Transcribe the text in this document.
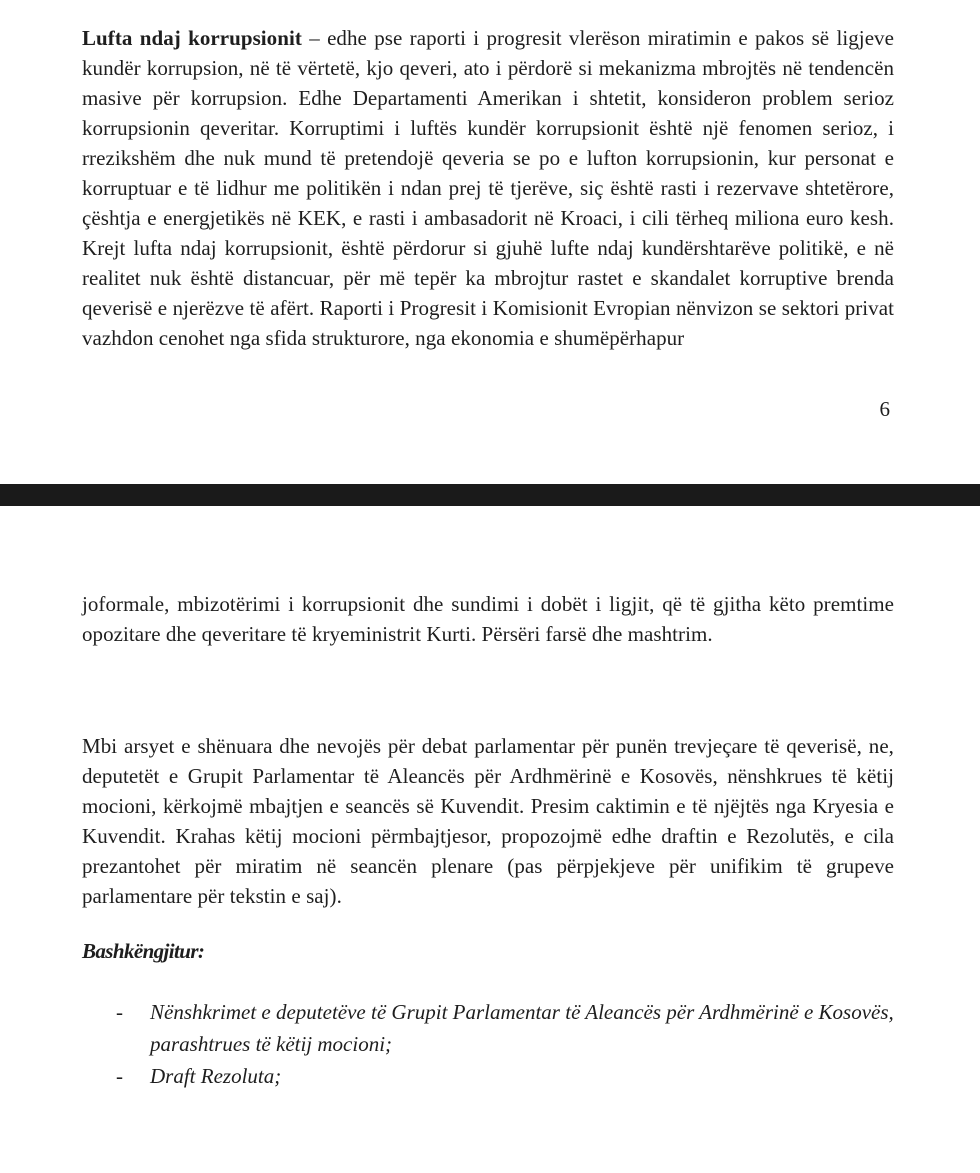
Lufta ndaj korrupsionit – edhe pse raporti i progresit vlerëson miratimin e pakos së ligjeve kundër korrupsion, në të vërtetë, kjo qeveri, ato i përdorë si mekanizma mbrojtës në tendencën masive për korrupsion. Edhe Departamenti Amerikan i shtetit, konsideron problem serioz korrupsionin qeveritar. Korruptimi i luftës kundër korrupsionit është një fenomen serioz, i rrezikshëm dhe nuk mund të pretendojë qeveria se po e lufton korrupsionin, kur personat e korruptuar e të lidhur me politikën i ndan prej të tjerëve, siç është rasti i rezervave shtetërore, çështja e energjetikës në KEK, e rasti i ambasadorit në Kroaci, i cili tërheq miliona euro kesh. Krejt lufta ndaj korrupsionit, është përdorur si gjuhë lufte ndaj kundërshtarëve politikë, e në realitet nuk është distancuar, për më tepër ka mbrojtur rastet e skandalet korruptive brenda qeverisë e njerëzve të afërt. Raporti i Progresit i Komisionit Evropian nënvizon se sektori privat vazhdon cenohet nga sfida strukturore, nga ekonomia e shumëpërhapur

6

joformale, mbizotërimi i korrupsionit dhe sundimi i dobët i ligjit, që të gjitha këto premtime opozitare dhe qeveritare të kryeministrit Kurti. Përsëri farsë dhe mashtrim.

Mbi arsyet e shënuara dhe nevojës për debat parlamentar për punën trevjeçare të qeverisë, ne, deputetët e Grupit Parlamentar të Aleancës për Ardhmërinë e Kosovës, nënshkrues të këtij mocioni, kërkojmë mbajtjen e seancës së Kuvendit. Presim caktimin e të njëjtës nga Kryesia e Kuvendit. Krahas këtij mocioni përmbajtjesor, propozojmë edhe draftin e Rezolutës, e cila prezantohet për miratim në seancën plenare (pas përpjekjeve për unifikim të grupeve parlamentare për tekstin e saj).

Bashkëngjitur:

- Nënshkrimet e deputetëve të Grupit Parlamentar të Aleancës për Ardhmërinë e Kosovës, parashtrues të këtij mocioni;
- Draft Rezoluta;
